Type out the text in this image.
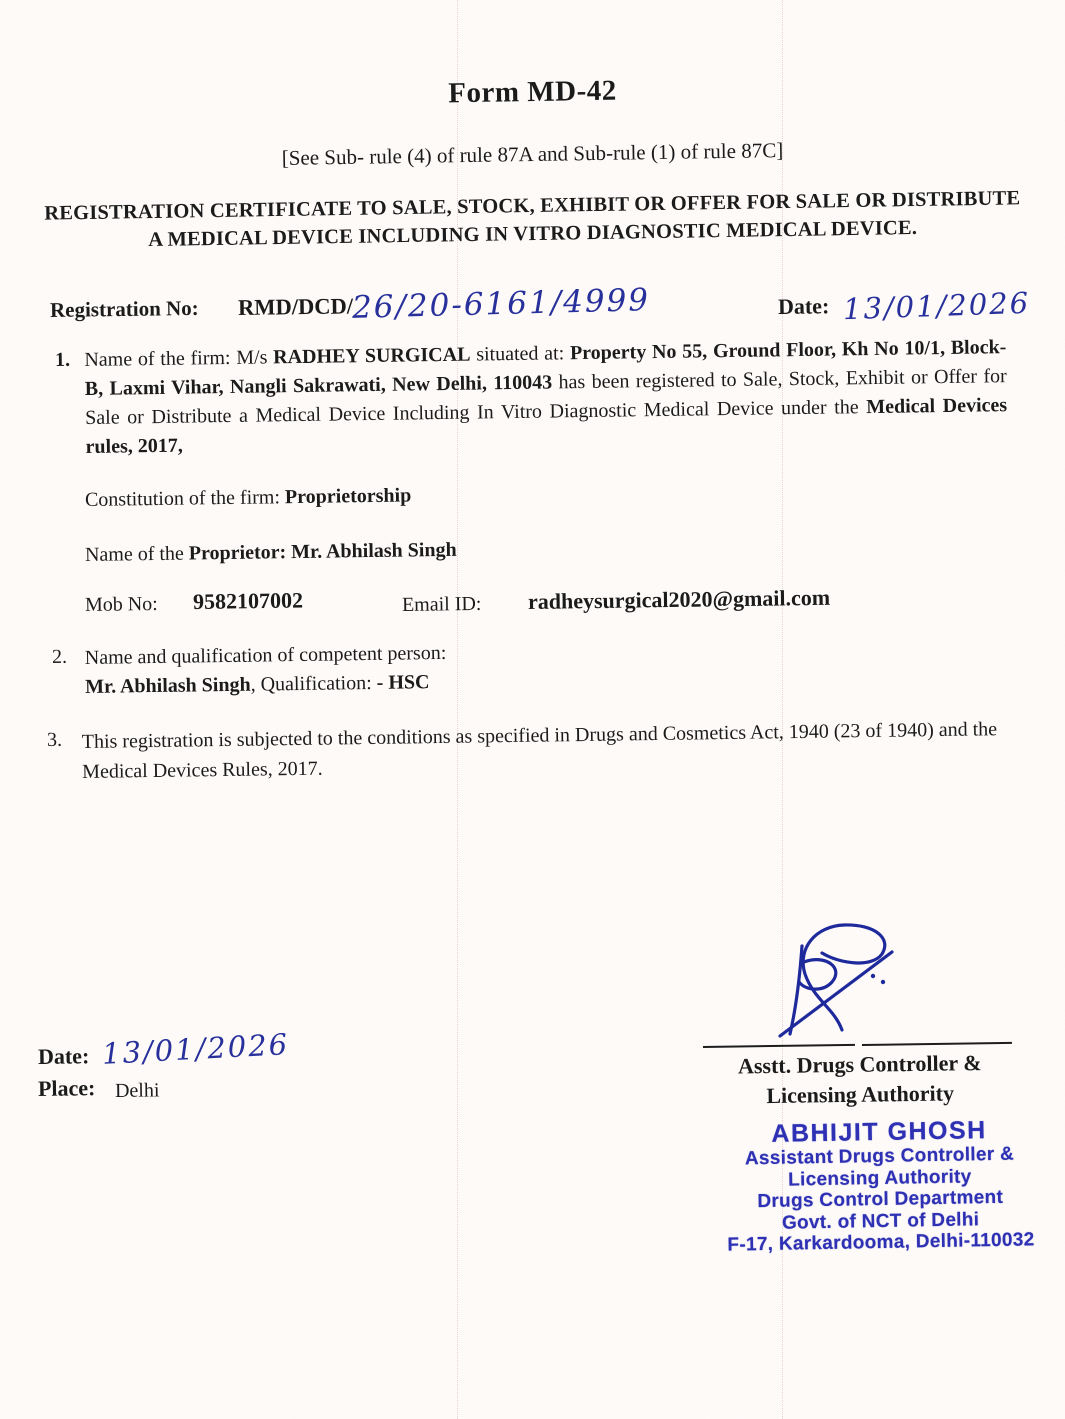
Form MD-42
[See Sub- rule (4) of rule 87A and Sub-rule (1) of rule 87C]
REGISTRATION CERTIFICATE TO SALE, STOCK, EXHIBIT OR OFFER FOR SALE OR DISTRIBUTE
A MEDICAL DEVICE INCLUDING IN VITRO DIAGNOSTIC MEDICAL DEVICE.
Registration No: RMD/DCD/
26/20-6161/4999	Date: 13/01/2026
1. Name of the firm: M/s RADHEY SURGICAL situated at: Property No 55, Ground Floor, Kh No 10/1, Block-B, Laxmi Vihar, Nangli Sakrawati, New Delhi, 110043 has been registered to Sale, Stock, Exhibit or Offer for Sale or Distribute a Medical Device Including In Vitro Diagnostic Medical Device under the Medical Devices rules, 2017,
Constitution of the firm: Proprietorship
Name of the Proprietor: Mr. Abhilash Singh
Mob No: 9582107002	Email ID: radheysurgical2020@gmail.com
2. Name and qualification of competent person:
Mr. Abhilash Singh, Qualification: - HSC
3. This registration is subjected to the conditions as specified in Drugs and Cosmetics Act, 1940 (23 of 1940) and the Medical Devices Rules, 2017.
Asstt. Drugs Controller &
Licensing Authority
ABHIJIT GHOSH
Assistant Drugs Controller &
Licensing Authority
Drugs Control Department
Govt. of NCT of Delhi
F-17, Karkardooma, Delhi-110032
Date: 13/01/2026
Place: Delhi
